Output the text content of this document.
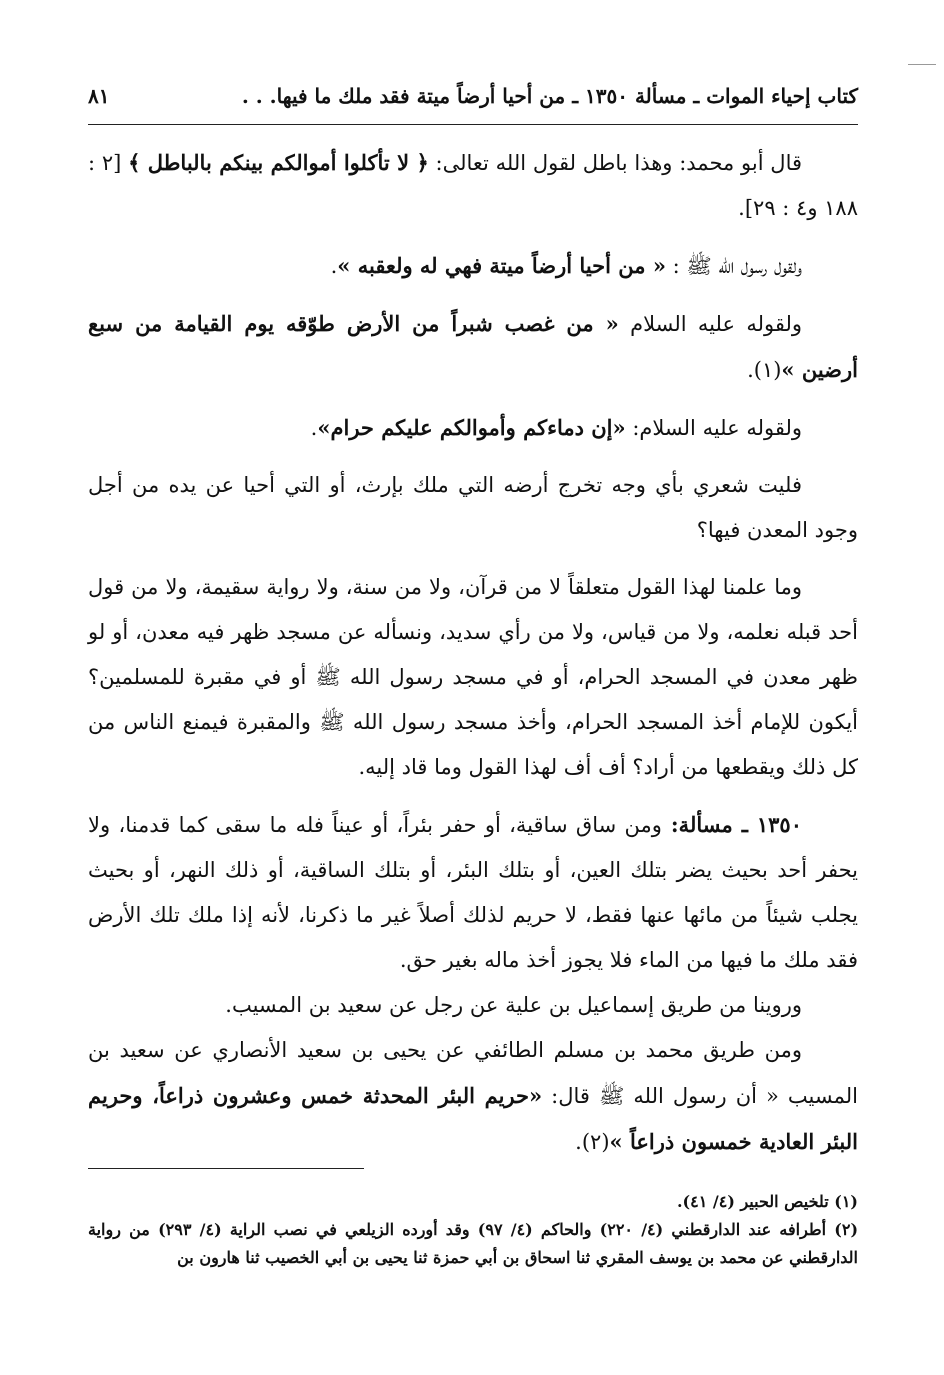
كتاب إحياء الموات ـ مسألة ١٣٥٠ ـ من أحيا أرضاً ميتة فقد ملك ما فيها. . .
٨١

قال أبو محمد: وهذا باطل لقول الله تعالى: ﴿ لا تأكلوا أموالكم بينكم بالباطل ﴾ [٢ : ١٨٨ و٤ : ٢٩].

ولقول رسول الله ﷺ : « من أحيا أرضاً ميتة فهي له ولعقبه ».

ولقوله عليه السلام « من غصب شبراً من الأرض طوّقه يوم القيامة من سبع أرضين »(١).

ولقوله عليه السلام: «إن دماءكم وأموالكم عليكم حرام».

فليت شعري بأي وجه تخرج أرضه التي ملك بإرث، أو التي أحيا عن يده من أجل وجود المعدن فيها؟

وما علمنا لهذا القول متعلقاً لا من قرآن، ولا من سنة، ولا رواية سقيمة، ولا من قول أحد قبله نعلمه، ولا من قياس، ولا من رأي سديد، ونسأله عن مسجد ظهر فيه معدن، أو لو ظهر معدن في المسجد الحرام، أو في مسجد رسول الله ﷺ أو في مقبرة للمسلمين؟ أيكون للإمام أخذ المسجد الحرام، وأخذ مسجد رسول الله ﷺ والمقبرة فيمنع الناس من كل ذلك ويقطعها من أراد؟ أف أف لهذا القول وما قاد إليه.

١٣٥٠ ـ مسألة: ومن ساق ساقية، أو حفر بئراً، أو عيناً فله ما سقى كما قدمنا، ولا يحفر أحد بحيث يضر بتلك العين، أو بتلك البئر، أو بتلك الساقية، أو ذلك النهر، أو بحيث يجلب شيئاً من مائها عنها فقط، لا حريم لذلك أصلاً غير ما ذكرنا، لأنه إذا ملك تلك الأرض فقد ملك ما فيها من الماء فلا يجوز أخذ ماله بغير حق.

وروينا من طريق إسماعيل بن علية عن رجل عن سعيد بن المسيب.

ومن طريق محمد بن مسلم الطائفي عن يحيى بن سعيد الأنصاري عن سعيد بن المسيب « أن رسول الله ﷺ قال: «حريم البئر المحدثة خمس وعشرون ذراعاً، وحريم البئر العادية خمسون ذراعاً »(٢).

(١) تلخيص الحبير (٤/ ٤١).
(٢) أطرافه عند الدارقطني (٤/ ٢٢٠) والحاكم (٤/ ٩٧) وقد أورده الزيلعي في نصب الراية (٤/ ٢٩٣) من رواية الدارقطني عن محمد بن يوسف المقري ثنا اسحاق بن أبي حمزة ثنا يحيى بن أبي الخصيب ثنا هارون بن
